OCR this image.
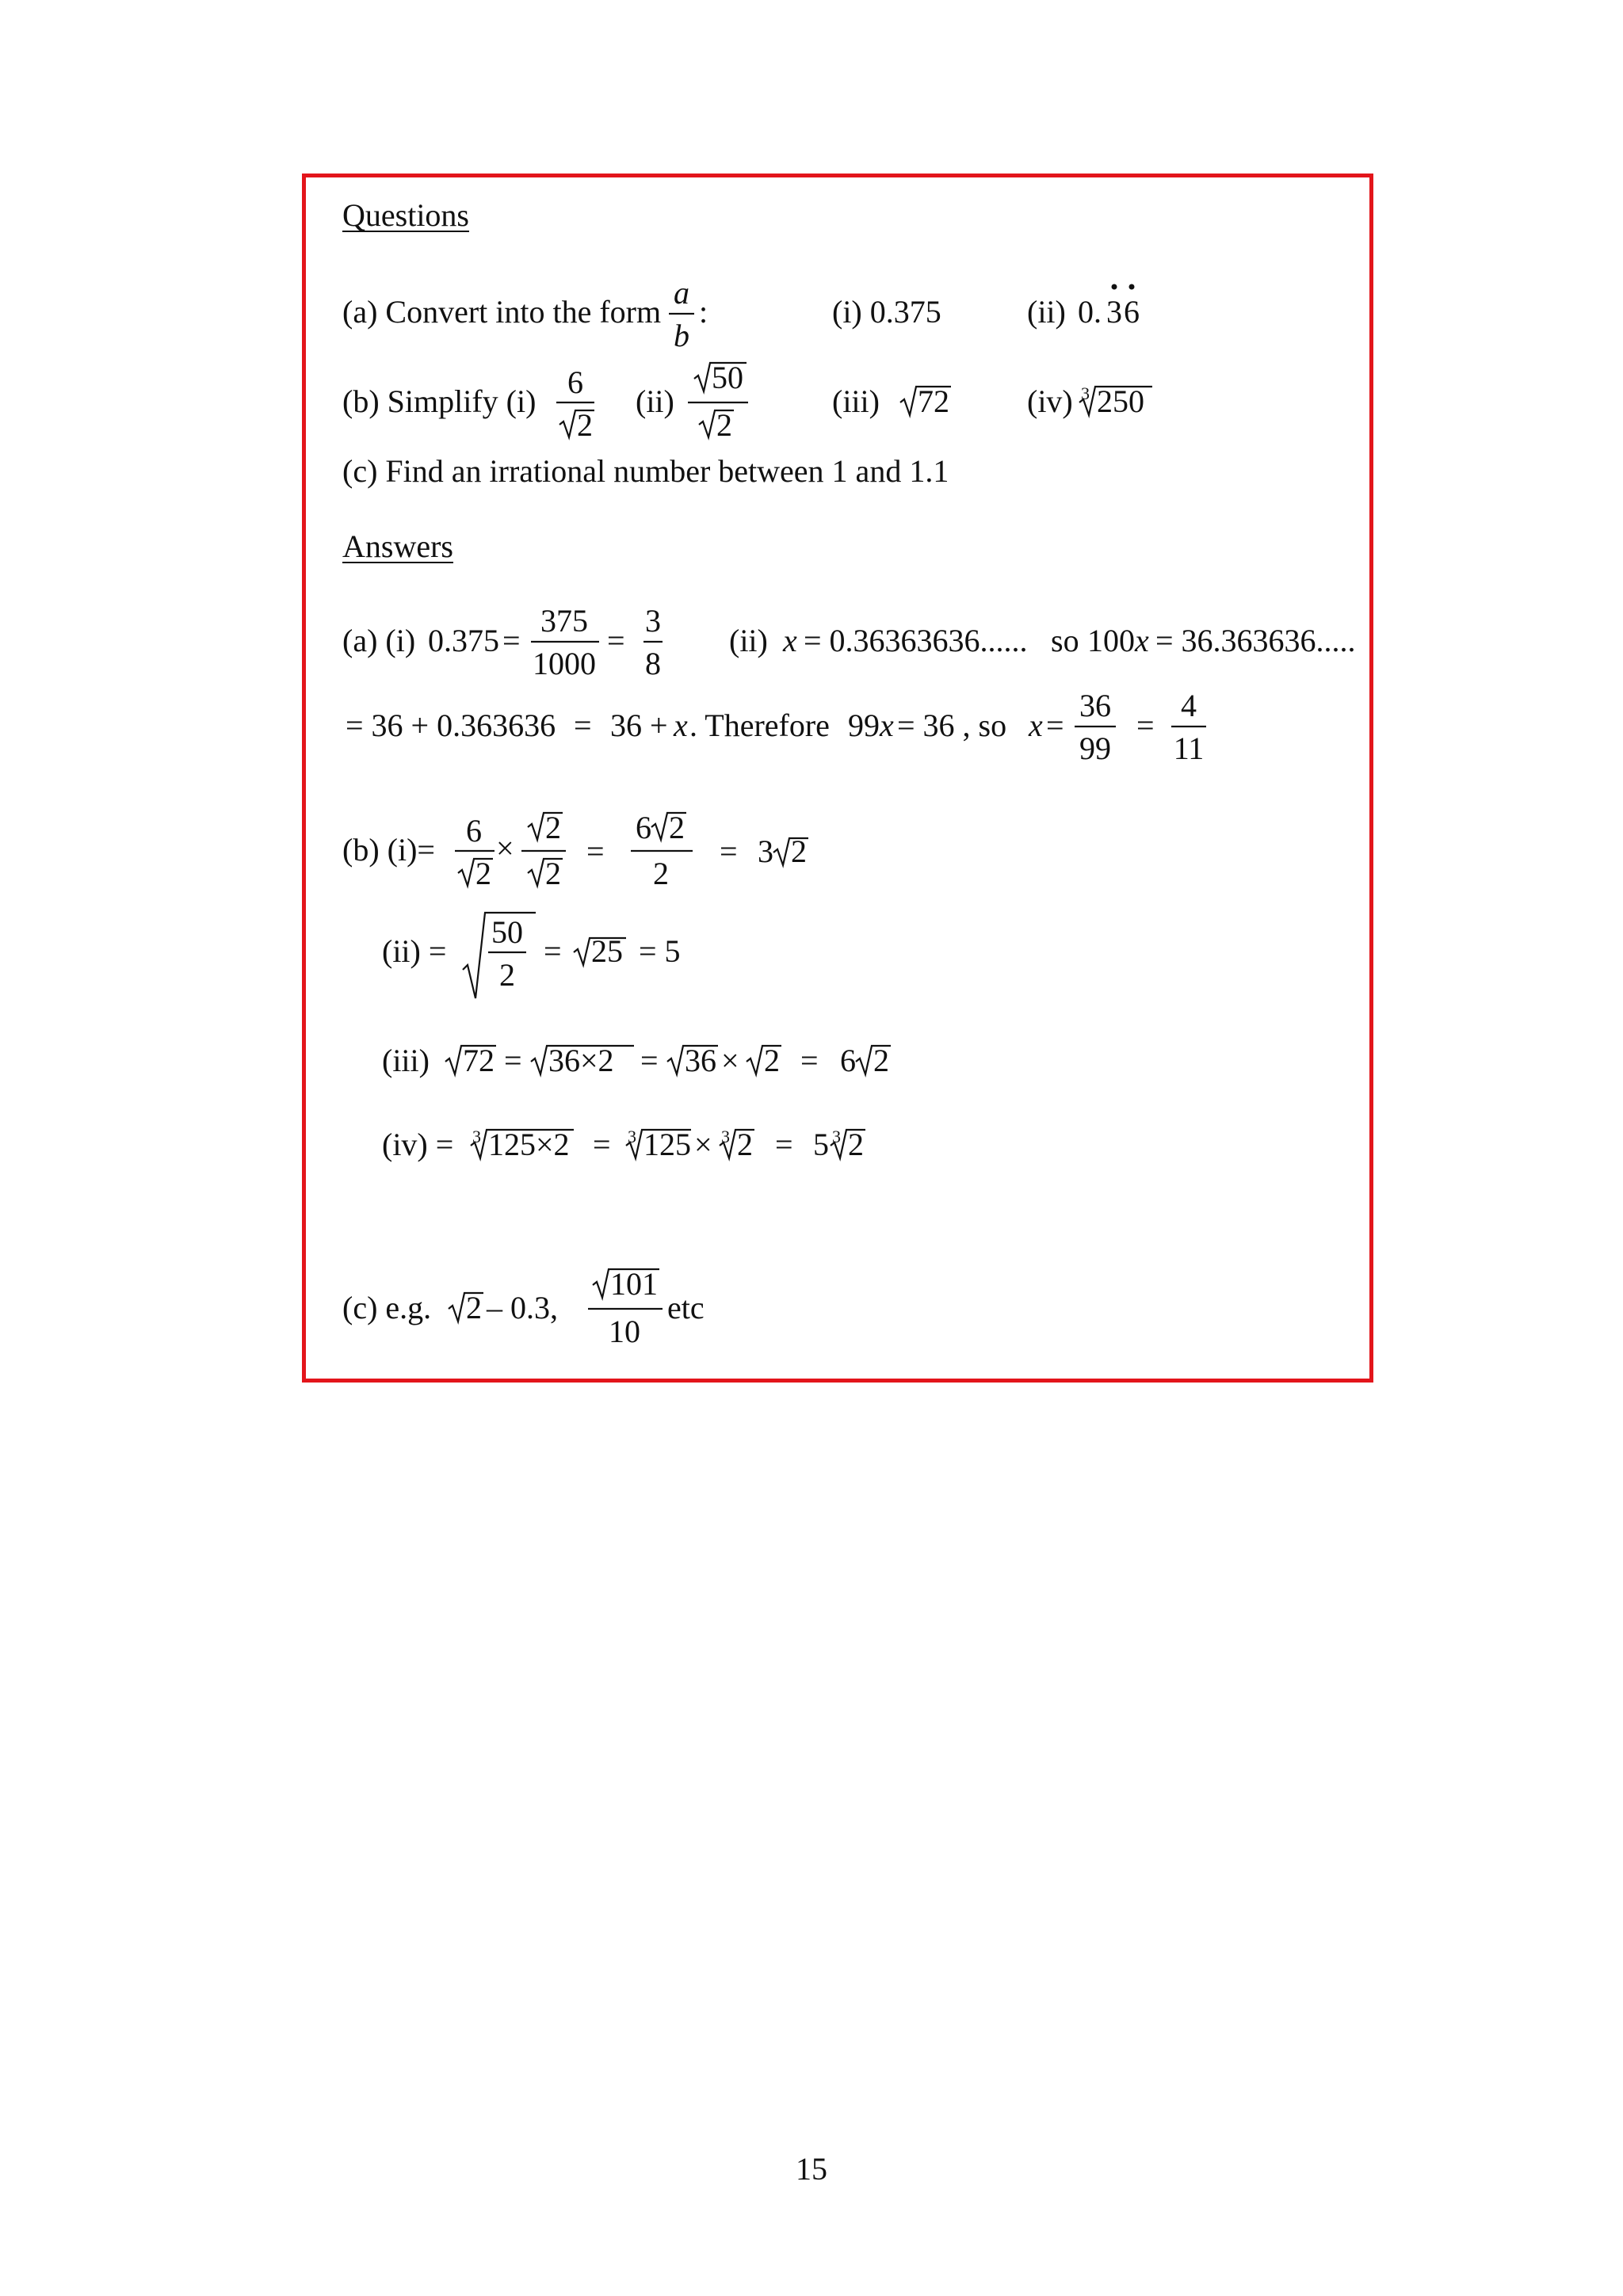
Questions
(a) Convert into the form
a
b
:	(i) 0.375	(ii) 0. 3 6
(b) Simplify (i)
6
2
(ii)
50
2
(iii) 72 (iv) 3 250
(c) Find an irrational number between 1 and 1.1
Answers
(a) (i) 0.375 =
375
1000
=
3
8
(ii) x = 0.36363636...... so 100 x = 36.363636.....
= 36 + 0.363636 = 36 + x . Therefore 99 x = 36 , so x =
36
99
=
4
11
(b) (i)=
6
2
×
2
2
=
6 2
2
= 3 2
(ii) =
50
2
= 25 = 5
(iii) 72 = 36×2 = 36 × 2 = 6 2
(iv) = 3 125×2 = 3 125 × 3 2 = 5 3 2
(c) e.g. 2 – 0.3,
101
10
etc
15
